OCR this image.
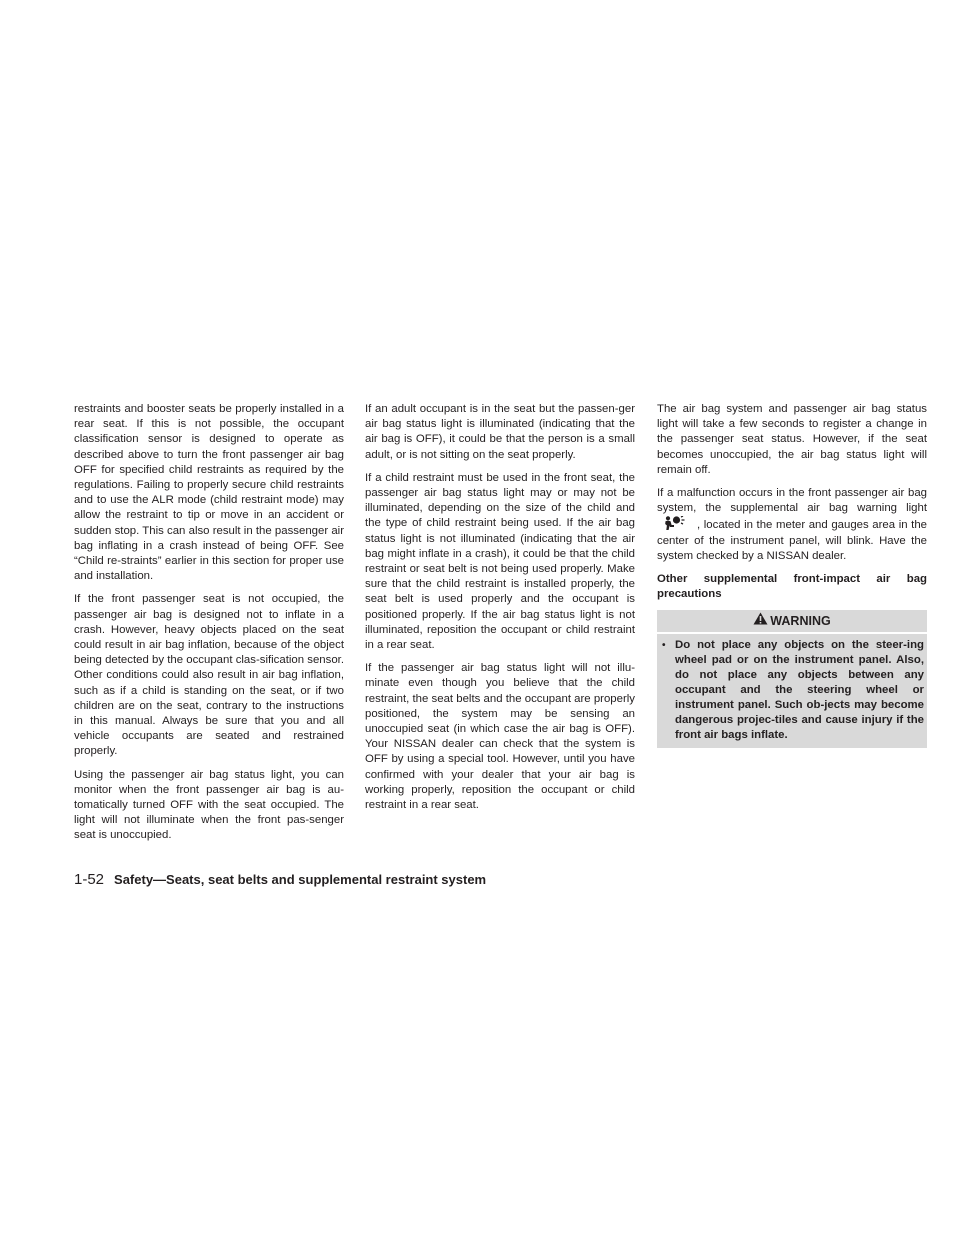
restraints and booster seats be properly installed in a rear seat. If this is not possible, the occupant classification sensor is designed to operate as described above to turn the front passenger air bag OFF for specified child restraints as required by the regulations. Failing to properly secure child restraints and to use the ALR mode (child restraint mode) may allow the restraint to tip or move in an accident or sudden stop. This can also result in the passenger air bag inflating in a crash instead of being OFF. See “Child re-straints” earlier in this section for proper use and installation.

If the front passenger seat is not occupied, the passenger air bag is designed not to inflate in a crash. However, heavy objects placed on the seat could result in air bag inflation, because of the object being detected by the occupant clas-sification sensor. Other conditions could also result in air bag inflation, such as if a child is standing on the seat, or if two children are on the seat, contrary to the instructions in this manual. Always be sure that you and all vehicle occupants are seated and restrained properly.

Using the passenger air bag status light, you can monitor when the front passenger air bag is au-tomatically turned OFF with the seat occupied. The light will not illuminate when the front pas-senger seat is unoccupied.

If an adult occupant is in the seat but the passen-ger air bag status light is illuminated (indicating that the air bag is OFF), it could be that the person is a small adult, or is not sitting on the seat properly.

If a child restraint must be used in the front seat, the passenger air bag status light may or may not be illuminated, depending on the size of the child and the type of child restraint being used. If the air bag status light is not illuminated (indicating that the air bag might inflate in a crash), it could be that the child restraint or seat belt is not being used properly. Make sure that the child restraint is installed properly, the seat belt is used properly and the occupant is positioned properly. If the air bag status light is not illuminated, reposition the occupant or child restraint in a rear seat.

If the passenger air bag status light will not illu-minate even though you believe that the child restraint, the seat belts and the occupant are properly positioned, the system may be sensing an unoccupied seat (in which case the air bag is OFF). Your NISSAN dealer can check that the system is OFF by using a special tool. However, until you have confirmed with your dealer that your air bag is working properly, reposition the occupant or child restraint in a rear seat.

The air bag system and passenger air bag status light will take a few seconds to register a change in the passenger seat status. However, if the seat becomes unoccupied, the air bag status light will remain off.

If a malfunction occurs in the front passenger air bag system, the supplemental air bag warning light, located in the meter and gauges area in the center of the instrument panel, will blink. Have the system checked by a NISSAN dealer.

Other supplemental front-impact air bag precautions

WARNING
• Do not place any objects on the steer-ing wheel pad or on the instrument panel. Also, do not place any objects between any occupant and the steering wheel or instrument panel. Such ob-jects may become dangerous projec-tiles and cause injury if the front air bags inflate.
1-52 Safety—Seats, seat belts and supplemental restraint system
